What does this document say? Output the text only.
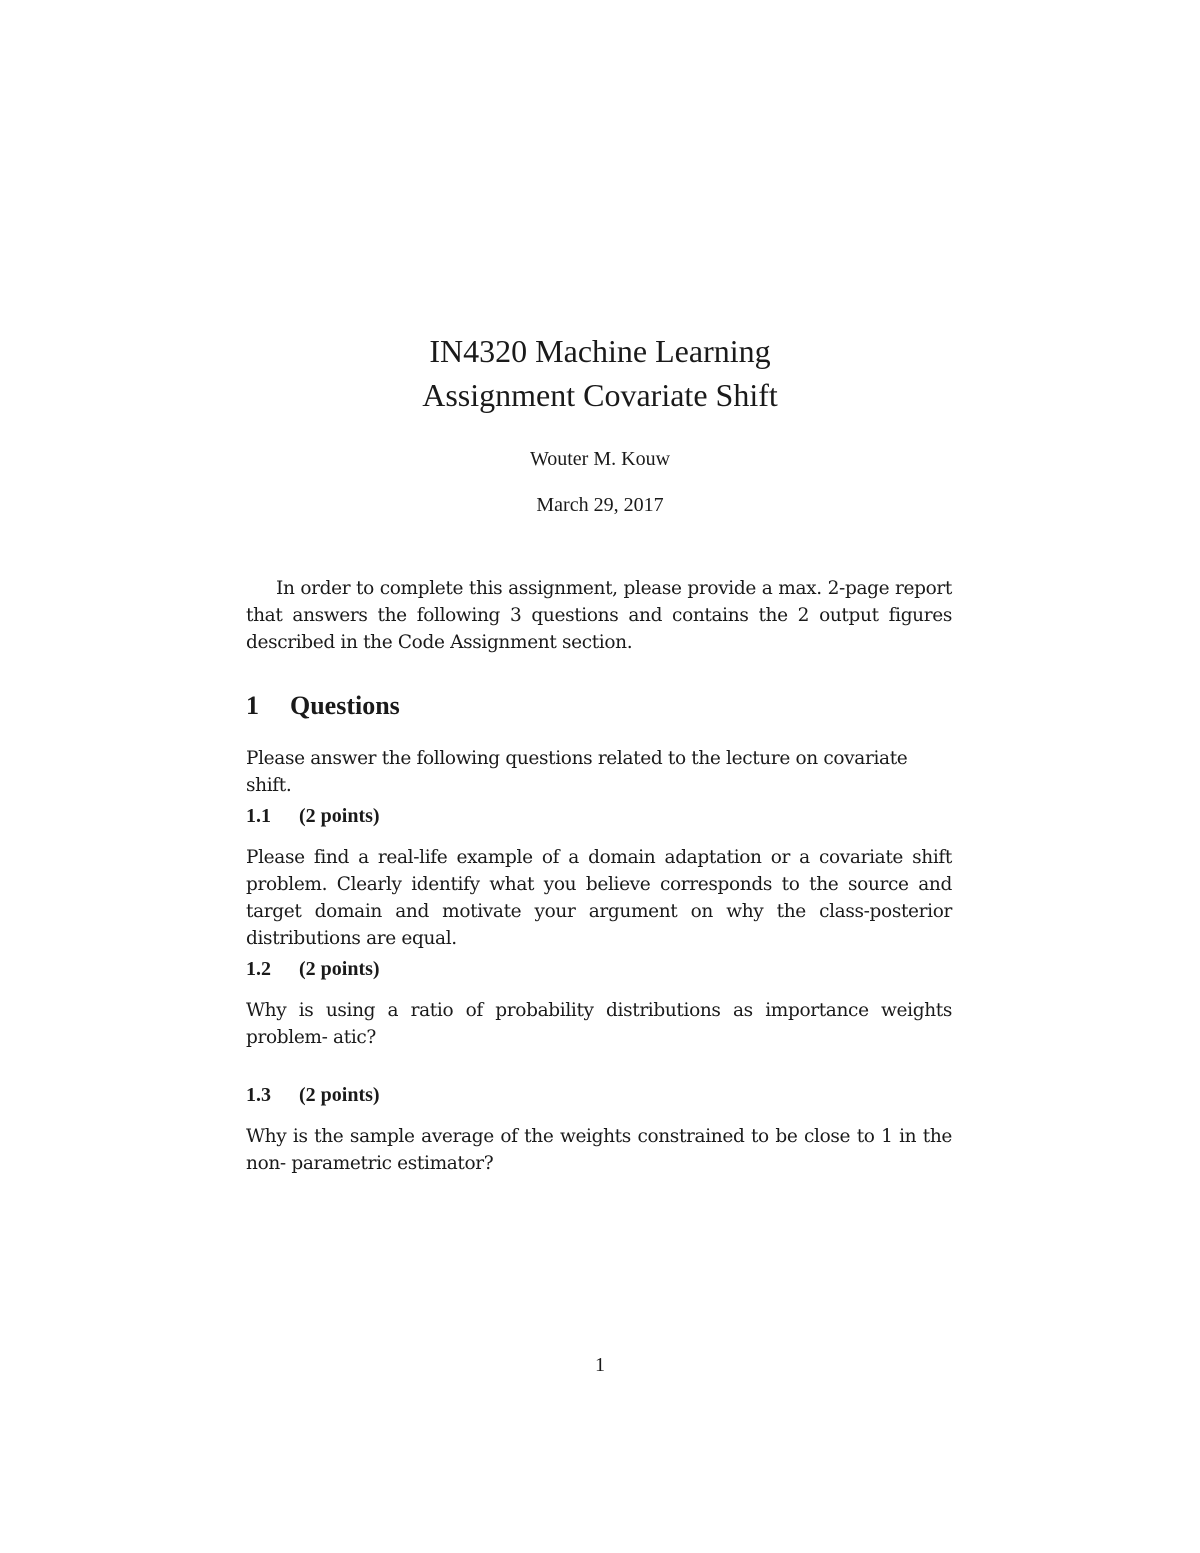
IN4320 Machine Learning
Assignment Covariate Shift
Wouter M. Kouw
March 29, 2017
In order to complete this assignment, please provide a max. 2-page report that answers the following 3 questions and contains the 2 output figures described in the Code Assignment section.
1 Questions
Please answer the following questions related to the lecture on covariate shift.
1.1 (2 points)
Please find a real-life example of a domain adaptation or a covariate shift problem. Clearly identify what you believe corresponds to the source and target domain and motivate your argument on why the class-posterior distributions are equal.
1.2 (2 points)
Why is using a ratio of probability distributions as importance weights problem- atic?
1.3 (2 points)
Why is the sample average of the weights constrained to be close to 1 in the non- parametric estimator?
1
